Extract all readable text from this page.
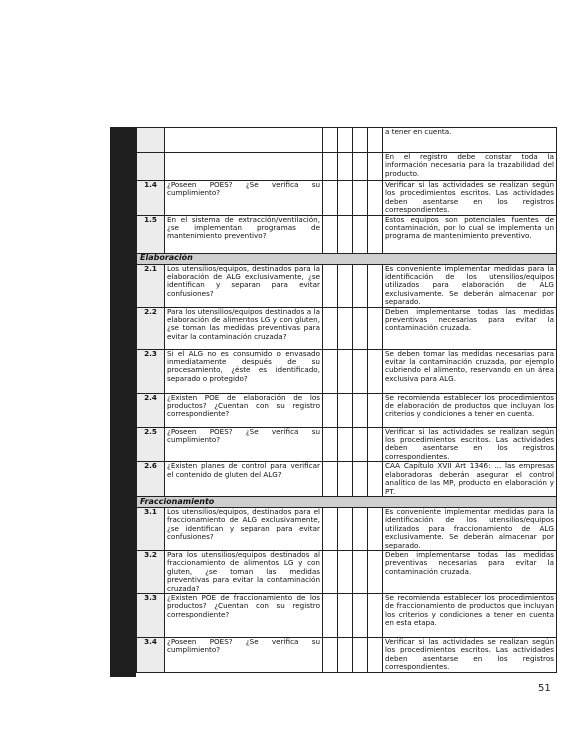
						a tener en cuenta.
						En el registro debe constar toda la información necesaria para la trazabilidad del producto.
1.4	¿Poseen POES? ¿Se verifica su cumplimiento?					Verificar si las actividades se realizan según los procedimientos escritos. Las actividades deben asentarse en los registros correspondientes.
1.5	En el sistema de extracción/ventilación, ¿se implementan programas de mantenimiento preventivo?					Estos equipos son potenciales fuentes de contaminación, por lo cual se implementa un programa de mantenimiento preventivo.
Elaboración						
2.1	Los utensilios/equipos, destinados para la elaboración de ALG exclusivamente, ¿se identifican y separan para evitar confusiones?					Es conveniente implementar medidas para la identificación de los utensilios/equipos utilizados para elaboración de ALG exclusivamente. Se deberán almacenar por separado.
2.2	Para los utensilios/equipos destinados a la elaboración de alimentos LG y con gluten, ¿se toman las medidas preventivas para evitar la contaminación cruzada?					Deben implementarse todas las medidas preventivas necesarias para evitar la contaminación cruzada.
2.3	Si el ALG no es consumido o envasado inmediatamente después de su procesamiento, ¿éste es identificado, separado o protegido?					Se deben tomar las medidas necesarias para evitar la contaminación cruzada, por ejemplo cubriendo el alimento, reservando en un área exclusiva para ALG.
2.4	¿Existen POE de elaboración de los productos? ¿Cuentan con su registro correspondiente?					Se recomienda establecer los procedimientos de elaboración de productos que incluyan los criterios y condiciones a tener en cuenta.
2.5	¿Poseen POES? ¿Se verifica su cumplimiento?					Verificar si las actividades se realizan según los procedimientos escritos. Las actividades deben asentarse en los registros correspondientes.
2.6	¿Existen planes de control para verificar el contenido de gluten del ALG?					CAA Capítulo XVII Art 1346: ... las empresas elaboradoras deberán asegurar el control analítico de las MP, producto en elaboración y PT.
Fraccionamiento						
3.1	Los utensilios/equipos, destinados para el fraccionamiento de ALG exclusivamente, ¿se identifican y separan para evitar confusiones?					Es conveniente implementar medidas para la identificación de los utensilios/equipos utilizados para fraccionamiento de ALG exclusivamente. Se deberán almacenar por separado.
3.2	Para los utensilios/equipos destinados al fraccionamiento de alimentos LG y con gluten, ¿se toman las medidas preventivas para evitar la contaminación cruzada?					Deben implementarse todas las medidas preventivas necesarias para evitar la contaminación cruzada.
3.3	¿Existen POE de fraccionamiento de los productos? ¿Cuentan con su registro correspondiente?					Se recomienda establecer los procedimientos de fraccionamiento de productos que incluyan los criterios y condiciones a tener en cuenta en esta etapa.
3.4	¿Poseen POES? ¿Se verifica su cumplimiento?					Verificar si las actividades se realizan según los procedimientos escritos. Las actividades deben asentarse en los registros correspondientes.
51
